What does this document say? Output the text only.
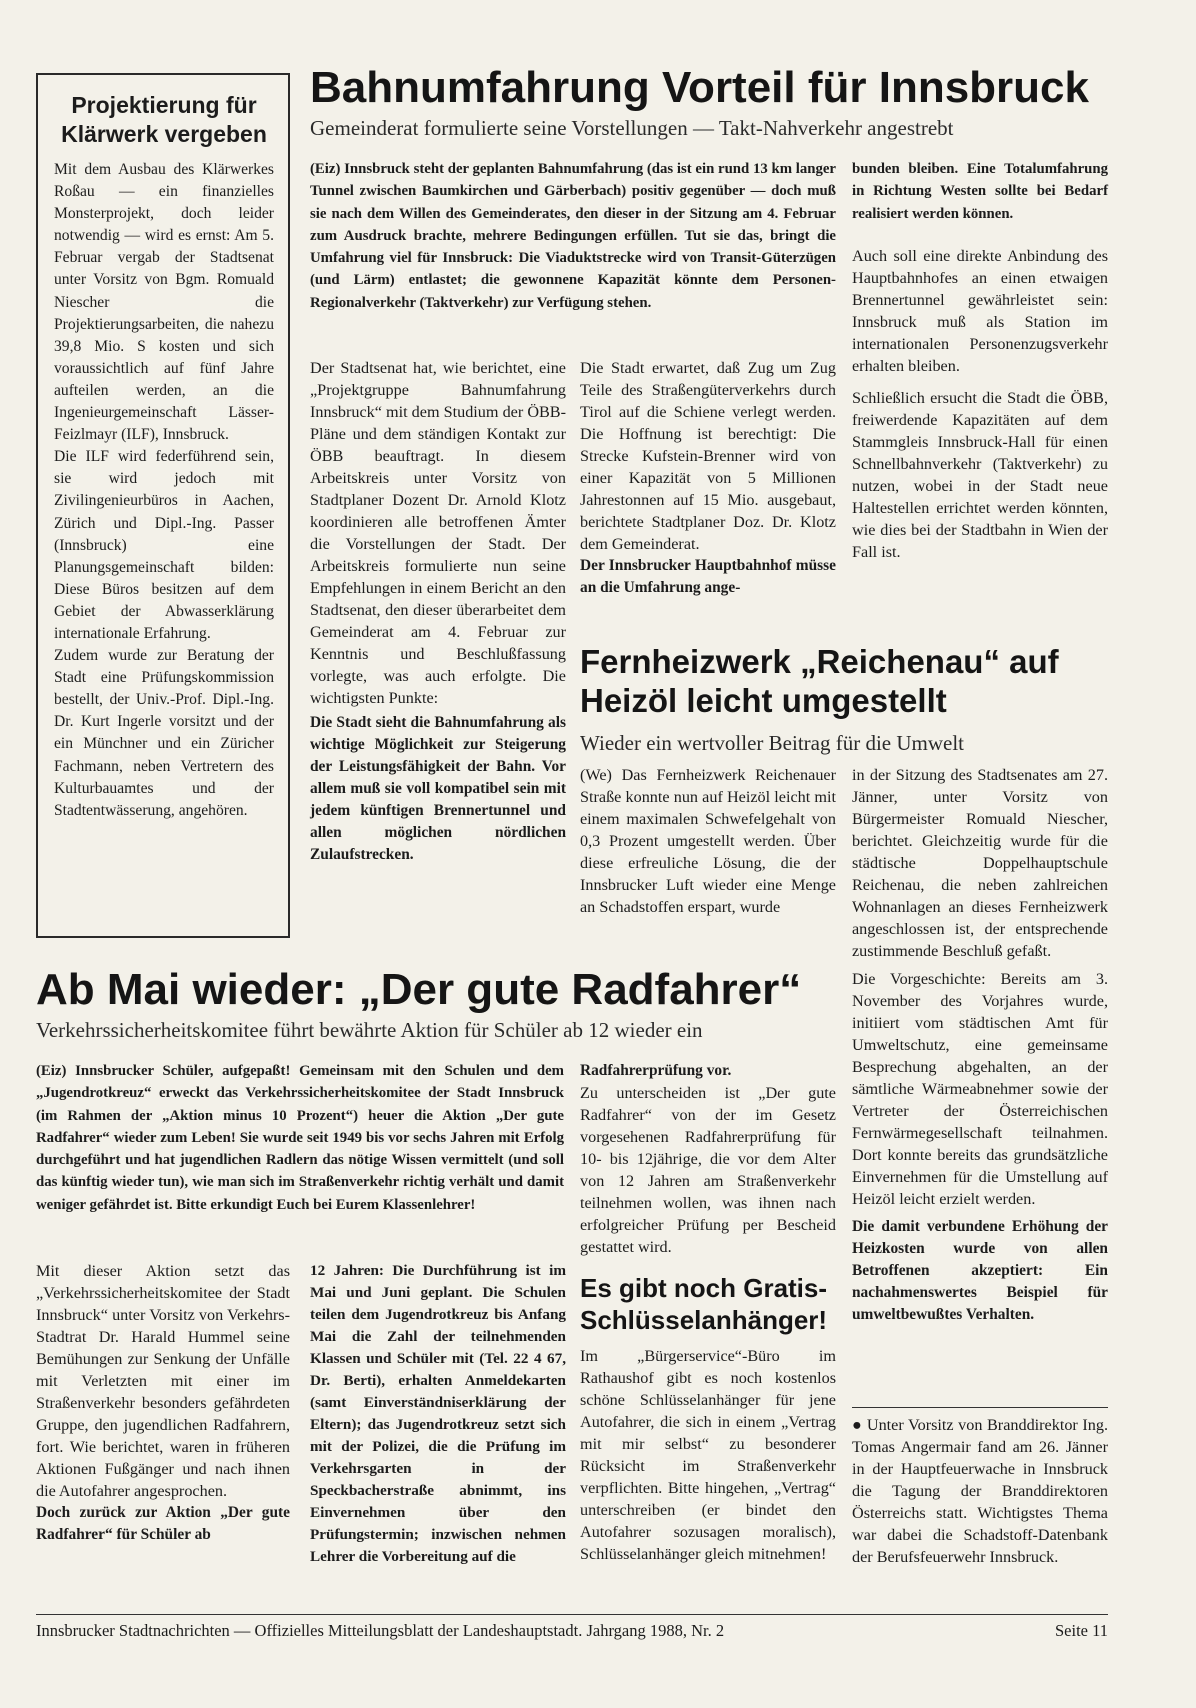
Projektierung für Klärwerk vergeben

Mit dem Ausbau des Klärwerkes Roßau — ein finanzielles Monsterprojekt, doch leider notwendig — wird es ernst: Am 5. Februar vergab der Stadtsenat unter Vorsitz von Bgm. Romuald Niescher die Projektierungsarbeiten, die nahezu 39,8 Mio. S kosten und sich voraussichtlich auf fünf Jahre aufteilen werden, an die Ingenieurgemeinschaft Lässer-Feizlmayr (ILF), Innsbruck.

Die ILF wird federführend sein, sie wird jedoch mit Zivilingenieurbüros in Aachen, Zürich und Dipl.-Ing. Passer (Innsbruck) eine Planungsgemeinschaft bilden: Diese Büros besitzen auf dem Gebiet der Abwasserklärung internationale Erfahrung.

Zudem wurde zur Beratung der Stadt eine Prüfungskommission bestellt, der Univ.-Prof. Dipl.-Ing. Dr. Kurt Ingerle vorsitzt und der ein Münchner und ein Züricher Fachmann, neben Vertretern des Kulturbauamtes und der Stadtentwässerung, angehören.

Bahnumfahrung Vorteil für Innsbruck
Gemeinderat formulierte seine Vorstellungen — Takt-Nahverkehr angestrebt
(Eiz) Innsbruck steht der geplanten Bahnumfahrung (das ist ein rund 13 km langer Tunnel zwischen Baumkirchen und Gärberbach) positiv gegenüber — doch muß sie nach dem Willen des Gemeinderates, den dieser in der Sitzung am 4. Februar zum Ausdruck brachte, mehrere Bedingungen erfüllen. Tut sie das, bringt die Umfahrung viel für Innsbruck: Die Viaduktstrecke wird von Transit-Güterzügen (und Lärm) entlastet; die gewonnene Kapazität könnte dem Personen-Regionalverkehr (Taktverkehr) zur Verfügung stehen.

Der Stadtsenat hat, wie berichtet, eine „Projektgruppe Bahnumfahrung Innsbruck“ mit dem Studium der ÖBB-Pläne und dem ständigen Kontakt zur ÖBB beauftragt. In diesem Arbeitskreis unter Vorsitz von Stadtplaner Dozent Dr. Arnold Klotz koordinieren alle betroffenen Ämter die Vorstellungen der Stadt. Der Arbeitskreis formulierte nun seine Empfehlungen in einem Bericht an den Stadtsenat, den dieser überarbeitet dem Gemeinderat am 4. Februar zur Kenntnis und Beschlußfassung vorlegte, was auch erfolgte. Die wichtigsten Punkte:

Die Stadt sieht die Bahnumfahrung als wichtige Möglichkeit zur Steigerung der Leistungsfähigkeit der Bahn. Vor allem muß sie voll kompatibel sein mit jedem künftigen Brennertunnel und allen möglichen nördlichen Zulaufstrecken.

Die Stadt erwartet, daß Zug um Zug Teile des Straßengüterverkehrs durch Tirol auf die Schiene verlegt werden. Die Hoffnung ist berechtigt: Die Strecke Kufstein-Brenner wird von einer Kapazität von 5 Millionen Jahrestonnen auf 15 Mio. ausgebaut, berichtete Stadtplaner Doz. Dr. Klotz dem Gemeinderat.

Der Innsbrucker Hauptbahnhof müsse an die Umfahrung ange-

bunden bleiben. Eine Totalumfahrung in Richtung Westen sollte bei Bedarf realisiert werden können.

Auch soll eine direkte Anbindung des Hauptbahnhofes an einen etwaigen Brennertunnel gewährleistet sein: Innsbruck muß als Station im internationalen Personenzugsverkehr erhalten bleiben.

Schließlich ersucht die Stadt die ÖBB, freiwerdende Kapazitäten auf dem Stammgleis Innsbruck-Hall für einen Schnellbahnverkehr (Taktverkehr) zu nutzen, wobei in der Stadt neue Haltestellen errichtet werden könnten, wie dies bei der Stadtbahn in Wien der Fall ist.

Fernheizwerk „Reichenau“ auf
Heizöl leicht umgestellt
Wieder ein wertvoller Beitrag für die Umwelt
(We) Das Fernheizwerk Reichenauer Straße konnte nun auf Heizöl leicht mit einem maximalen Schwefelgehalt von 0,3 Prozent umgestellt werden. Über diese erfreuliche Lösung, die der Innsbrucker Luft wieder eine Menge an Schadstoffen erspart, wurde

in der Sitzung des Stadtsenates am 27. Jänner, unter Vorsitz von Bürgermeister Romuald Niescher, berichtet. Gleichzeitig wurde für die städtische Doppelhauptschule Reichenau, die neben zahlreichen Wohnanlagen an dieses Fernheizwerk angeschlossen ist, der entsprechende zustimmende Beschluß gefaßt.

Die Vorgeschichte: Bereits am 3. November des Vorjahres wurde, initiiert vom städtischen Amt für Umweltschutz, eine gemeinsame Besprechung abgehalten, an der sämtliche Wärmeabnehmer sowie der Vertreter der Österreichischen Fernwärmegesellschaft teilnahmen. Dort konnte bereits das grundsätzliche Einvernehmen für die Umstellung auf Heizöl leicht erzielt werden.

Die damit verbundene Erhöhung der Heizkosten wurde von allen Betroffenen akzeptiert: Ein nachahmenswertes Beispiel für umweltbewußtes Verhalten.

Ab Mai wieder: „Der gute Radfahrer“
Verkehrssicherheitskomitee führt bewährte Aktion für Schüler ab 12 wieder ein
(Eiz) Innsbrucker Schüler, aufgepaßt! Gemeinsam mit den Schulen und dem „Jugendrotkreuz“ erweckt das Verkehrssicherheitskomitee der Stadt Innsbruck (im Rahmen der „Aktion minus 10 Prozent“) heuer die Aktion „Der gute Radfahrer“ wieder zum Leben! Sie wurde seit 1949 bis vor sechs Jahren mit Erfolg durchgeführt und hat jugendlichen Radlern das nötige Wissen vermittelt (und soll das künftig wieder tun), wie man sich im Straßenverkehr richtig verhält und damit weniger gefährdet ist. Bitte erkundigt Euch bei Eurem Klassenlehrer!

Radfahrerprüfung vor.

Zu unterscheiden ist „Der gute Radfahrer“ von der im Gesetz vorgesehenen Radfahrerprüfung für 10- bis 12jährige, die vor dem Alter von 12 Jahren am Straßenverkehr teilnehmen wollen, was ihnen nach erfolgreicher Prüfung per Bescheid gestattet wird.

Mit dieser Aktion setzt das „Verkehrssicherheitskomitee der Stadt Innsbruck“ unter Vorsitz von Verkehrs-Stadtrat Dr. Harald Hummel seine Bemühungen zur Senkung der Unfälle mit Verletzten mit einer im Straßenverkehr besonders gefährdeten Gruppe, den jugendlichen Radfahrern, fort. Wie berichtet, waren in früheren Aktionen Fußgänger und nach ihnen die Autofahrer angesprochen.

Doch zurück zur Aktion „Der gute Radfahrer“ für Schüler ab

12 Jahren: Die Durchführung ist im Mai und Juni geplant. Die Schulen teilen dem Jugendrotkreuz bis Anfang Mai die Zahl der teilnehmenden Klassen und Schüler mit (Tel. 22 4 67, Dr. Berti), erhalten Anmeldekarten (samt Einverständniserklärung der Eltern); das Jugendrotkreuz setzt sich mit der Polizei, die die Prüfung im Verkehrsgarten in der Speckbacherstraße abnimmt, ins Einvernehmen über den Prüfungstermin; inzwischen nehmen Lehrer die Vorbereitung auf die
Es gibt noch Gratis-
Schlüsselanhänger!
Im „Bürgerservice“-Büro im Rathaushof gibt es noch kostenlos schöne Schlüsselanhänger für jene Autofahrer, die sich in einem „Vertrag mit mir selbst“ zu besonderer Rücksicht im Straßenverkehr verpflichten. Bitte hingehen, „Vertrag“ unterschreiben (er bindet den Autofahrer sozusagen moralisch), Schlüsselanhänger gleich mitnehmen!
● Unter Vorsitz von Branddirektor Ing. Tomas Angermair fand am 26. Jänner in der Hauptfeuerwache in Innsbruck die Tagung der Branddirektoren Österreichs statt. Wichtigstes Thema war dabei die Schadstoff-Datenbank der Berufsfeuerwehr Innsbruck.
Innsbrucker Stadtnachrichten — Offizielles Mitteilungsblatt der Landeshauptstadt. Jahrgang 1988, Nr. 2	Seite 11
